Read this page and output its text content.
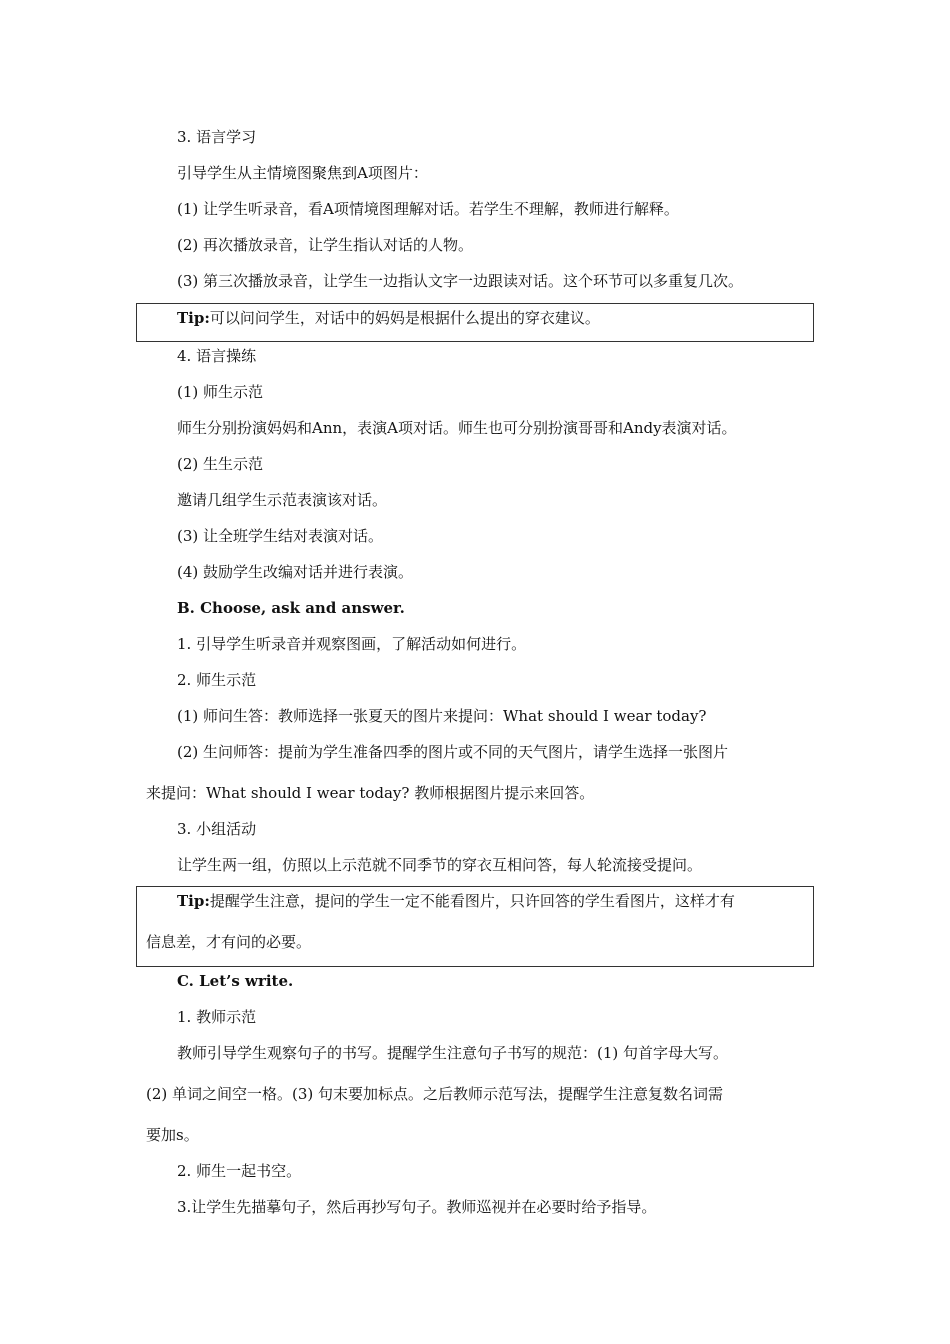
3. 语言学习
引导学生从主情境图聚焦到A项图片：
(1) 让学生听录音，看A项情境图理解对话。若学生不理解，教师进行解释。
(2) 再次播放录音，让学生指认对话的人物。
(3) 第三次播放录音，让学生一边指认文字一边跟读对话。这个环节可以多重复几次。
Tip:可以问问学生，对话中的妈妈是根据什么提出的穿衣建议。
4. 语言操练
(1) 师生示范
师生分别扮演妈妈和Ann，表演A项对话。师生也可分别扮演哥哥和Andy表演对话。
(2) 生生示范
邀请几组学生示范表演该对话。
(3) 让全班学生结对表演对话。
(4) 鼓励学生改编对话并进行表演。
B. Choose, ask and answer.
1. 引导学生听录音并观察图画，了解活动如何进行。
2. 师生示范
(1) 师问生答：教师选择一张夏天的图片来提问：What should I wear today?
(2) 生问师答：提前为学生准备四季的图片或不同的天气图片，请学生选择一张图片
来提问：What should I wear today? 教师根据图片提示来回答。
3. 小组活动
让学生两一组，仿照以上示范就不同季节的穿衣互相问答，每人轮流接受提问。
Tip:提醒学生注意，提问的学生一定不能看图片，只许回答的学生看图片，这样才有
信息差，才有问的必要。
C. Let’s write.
1. 教师示范
教师引导学生观察句子的书写。提醒学生注意句子书写的规范：(1) 句首字母大写。
(2) 单词之间空一格。(3) 句末要加标点。之后教师示范写法，提醒学生注意复数名词需
要加s。
2. 师生一起书空。
3.让学生先描摹句子，然后再抄写句子。教师巡视并在必要时给予指导。
